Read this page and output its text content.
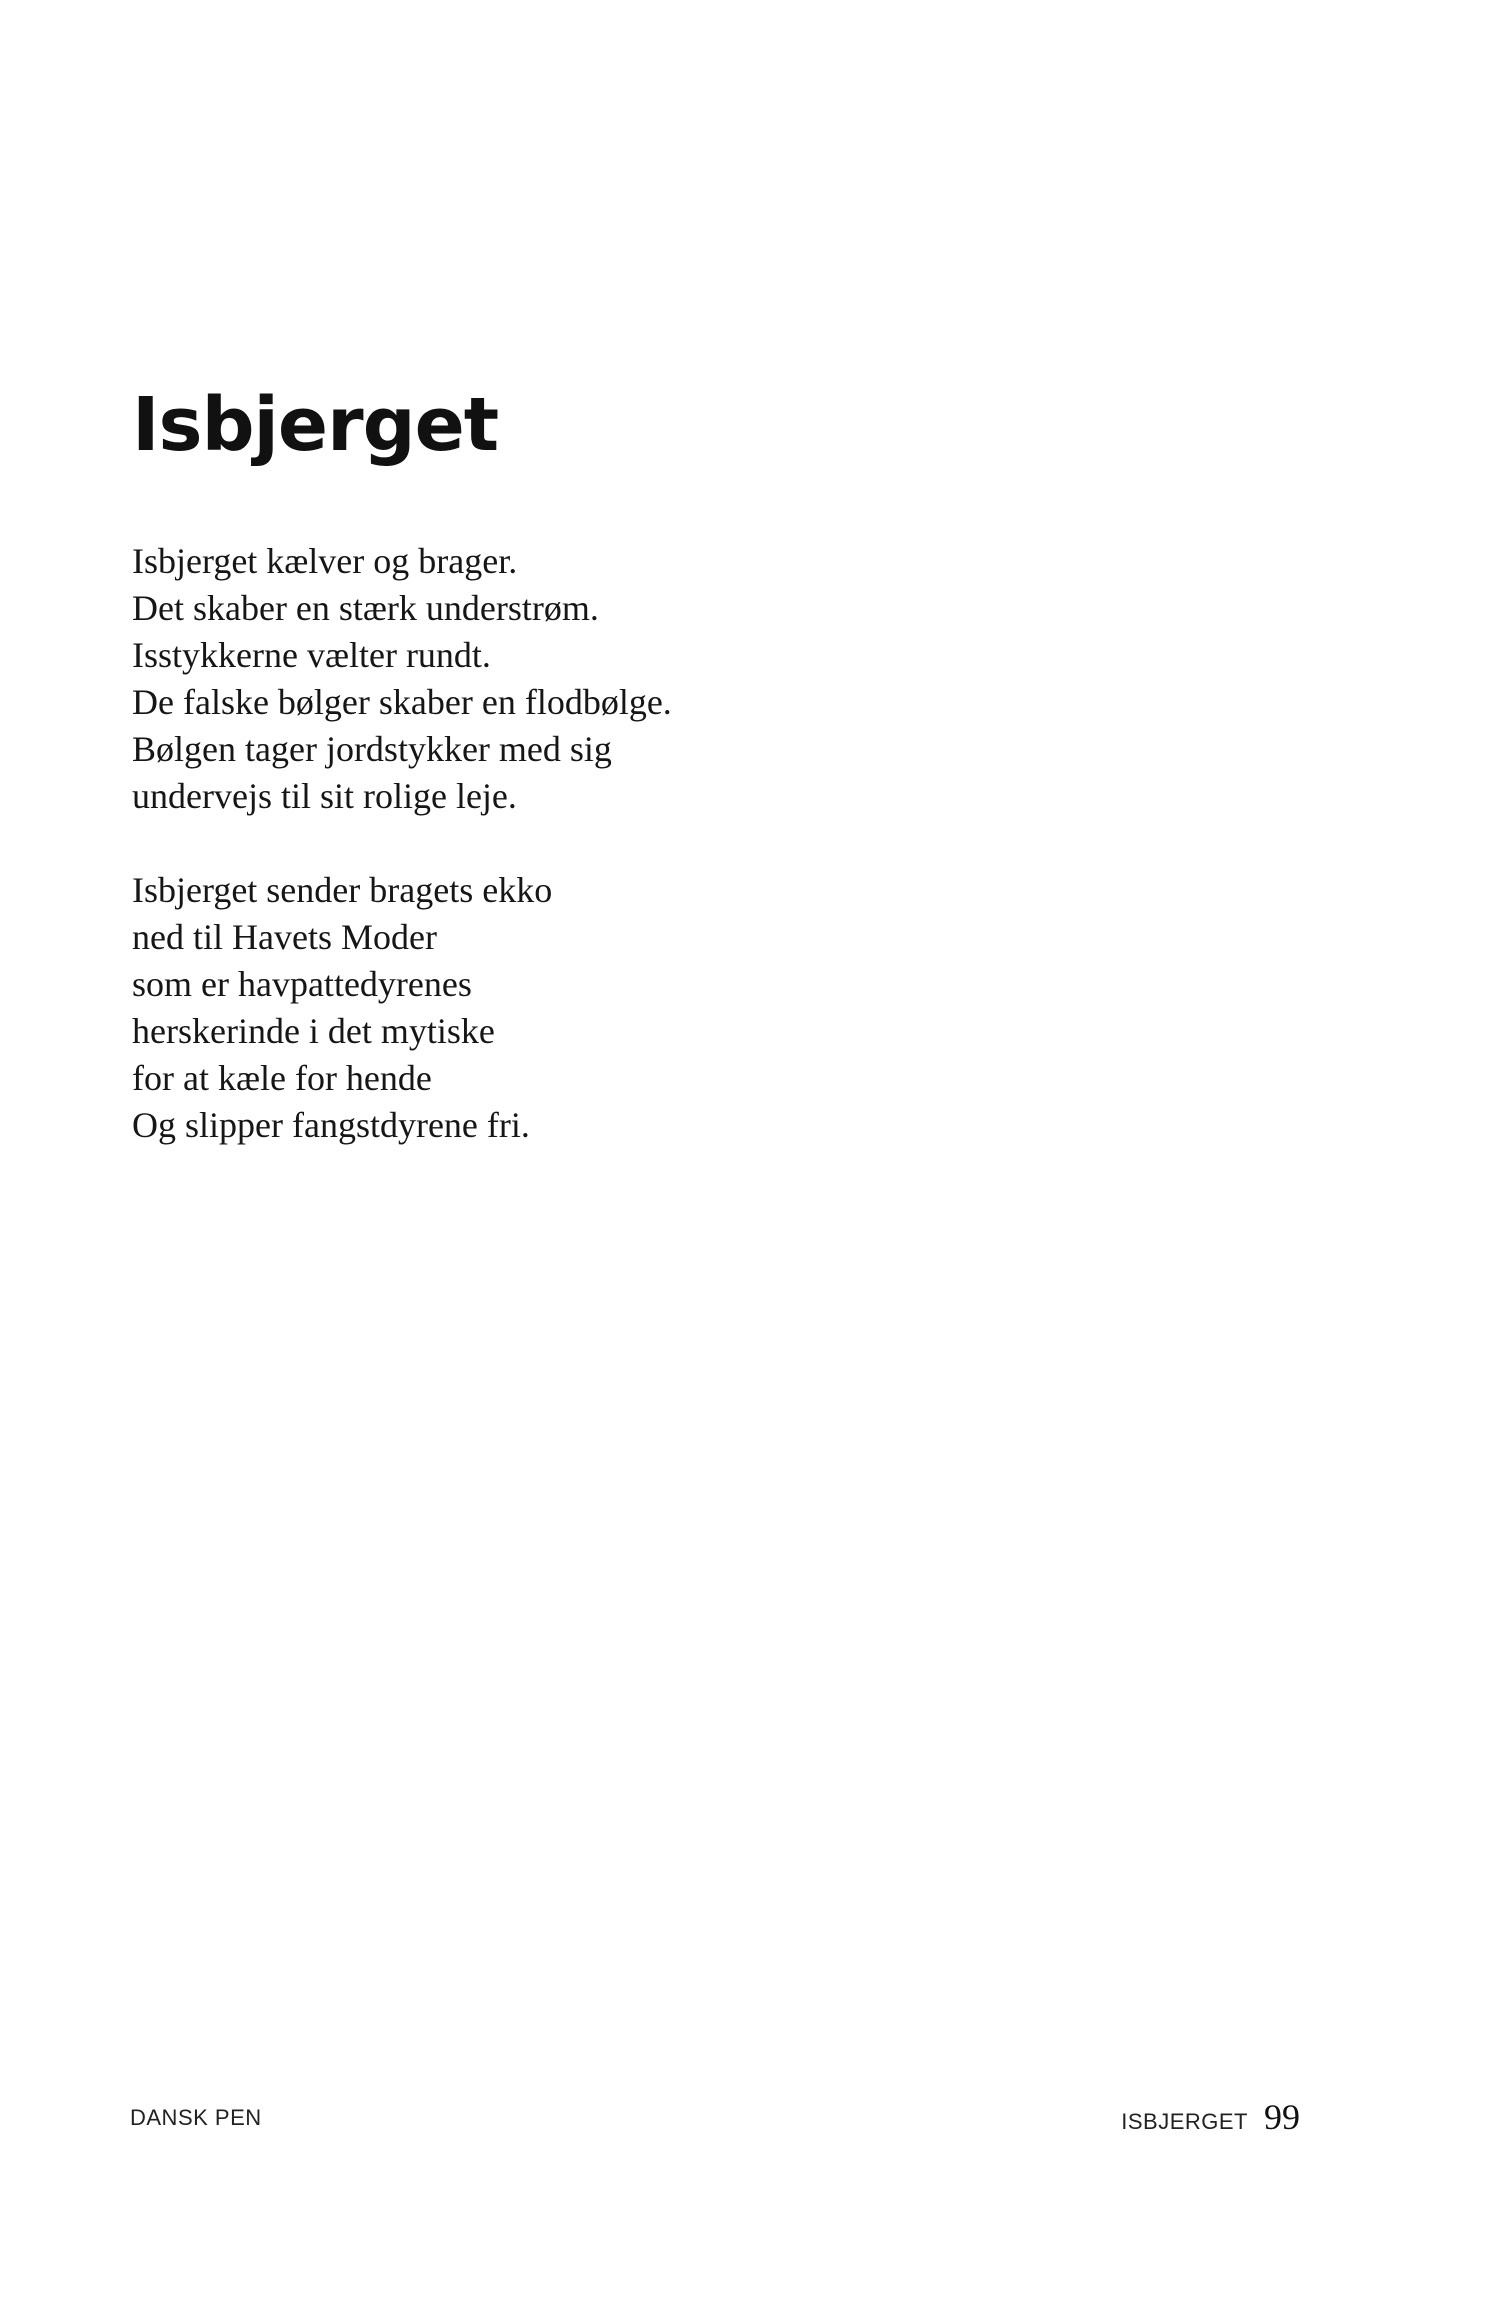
Isbjerget

Isbjerget kælver og brager.
Det skaber en stærk understrøm.
Isstykkerne vælter rundt.
De falske bølger skaber en flodbølge.
Bølgen tager jordstykker med sig
undervejs til sit rolige leje.

Isbjerget sender bragets ekko
ned til Havets Moder
som er havpattedyrenes
herskerinde i det mytiske
for at kæle for hende
Og slipper fangstdyrene fri.

DANSK PEN	ISBJERGET 99
